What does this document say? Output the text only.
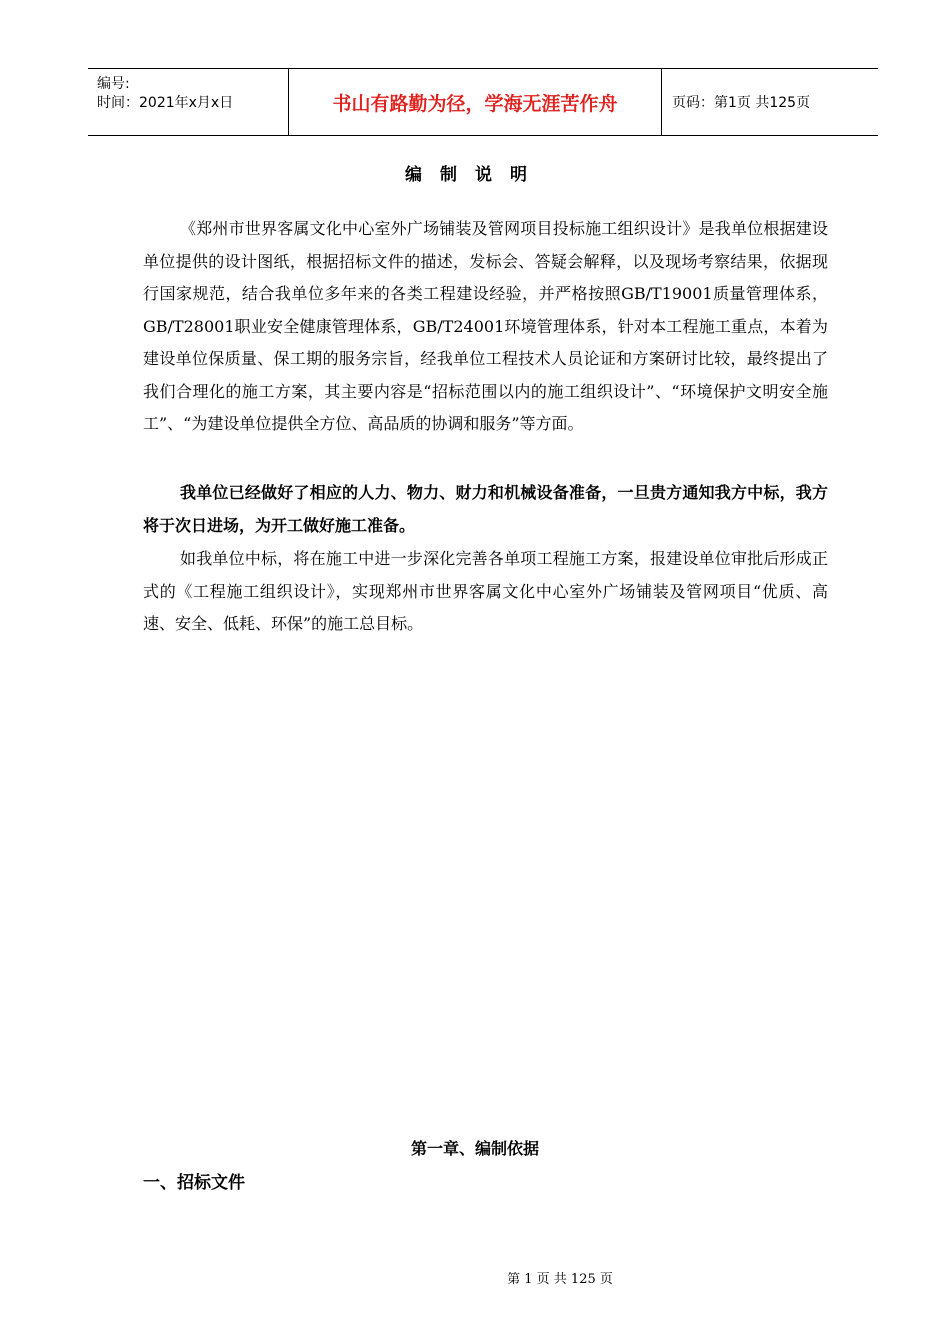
编号:
时间：2021年x月x日	书山有路勤为径，学海无涯苦作舟	页码：第1页 共125页
编制说明
《郑州市世界客属文化中心室外广场铺装及管网项目投标施工组织设计》是我单位根据建设单位提供的设计图纸，根据招标文件的描述，发标会、答疑会解释，以及现场考察结果，依据现行国家规范，结合我单位多年来的各类工程建设经验，并严格按照GB/T19001质量管理体系，GB/T28001职业安全健康管理体系，GB/T24001环境管理体系，针对本工程施工重点，本着为建设单位保质量、保工期的服务宗旨，经我单位工程技术人员论证和方案研讨比较，最终提出了我们合理化的施工方案，其主要内容是“招标范围以内的施工组织设计”、“环境保护文明安全施工”、“为建设单位提供全方位、高品质的协调和服务”等方面。
我单位已经做好了相应的人力、物力、财力和机械设备准备，一旦贵方通知我方中标，我方将于次日进场，为开工做好施工准备。
如我单位中标，将在施工中进一步深化完善各单项工程施工方案，报建设单位审批后形成正式的《工程施工组织设计》，实现郑州市世界客属文化中心室外广场铺装及管网项目“优质、高速、安全、低耗、环保”的施工总目标。
第一章、编制依据
一、招标文件
第 1 页 共 125 页
